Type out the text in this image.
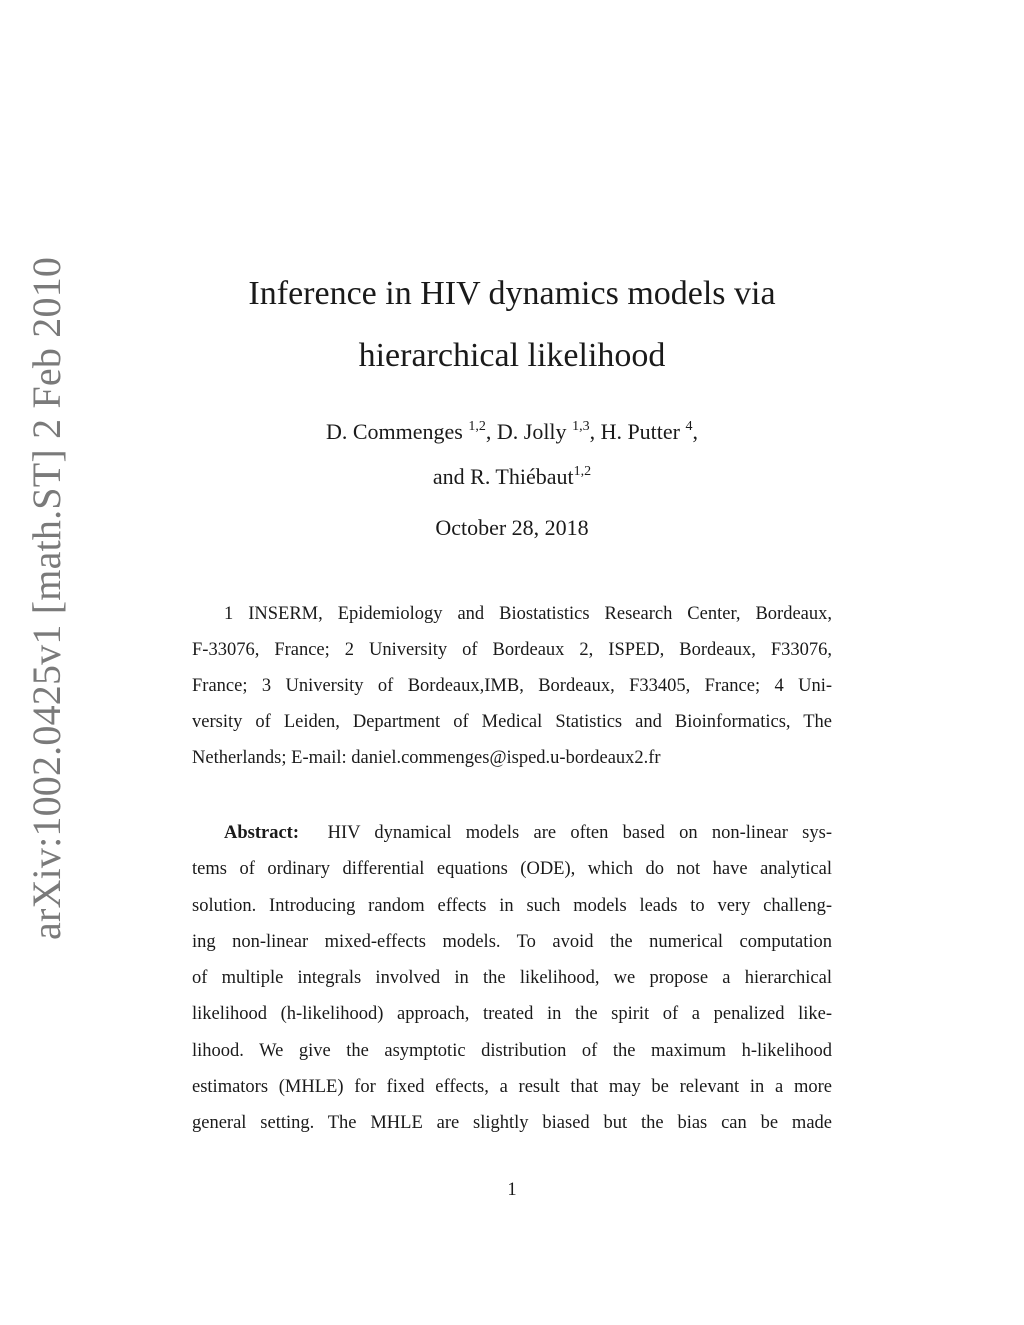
arXiv:1002.0425v1 [math.ST] 2 Feb 2010	Inference in HIV dynamics models via
hierarchical likelihood
D. Commenges $^{1,2}$, D. Jolly $^{1,3}$, H. Putter $^4$,
and R. Thiébaut$^{1,2}$
October 28, 2018
1 INSERM, Epidemiology and Biostatistics Research Center, Bordeaux,
F-33076, France; 2 University of Bordeaux 2, ISPED, Bordeaux, F33076,
France; 3 University of Bordeaux,IMB, Bordeaux, F33405, France; 4 Uni-
versity of Leiden, Department of Medical Statistics and Bioinformatics, The
Netherlands; E-mail: daniel.commenges@isped.u-bordeaux2.fr
Abstract: HIV dynamical models are often based on non-linear sys-
tems of ordinary differential equations (ODE), which do not have analytical
solution. Introducing random effects in such models leads to very challeng-
ing non-linear mixed-effects models. To avoid the numerical computation
of multiple integrals involved in the likelihood, we propose a hierarchical
likelihood (h-likelihood) approach, treated in the spirit of a penalized like-
lihood. We give the asymptotic distribution of the maximum h-likelihood
estimators (MHLE) for fixed effects, a result that may be relevant in a more
general setting. The MHLE are slightly biased but the bias can be made
1
